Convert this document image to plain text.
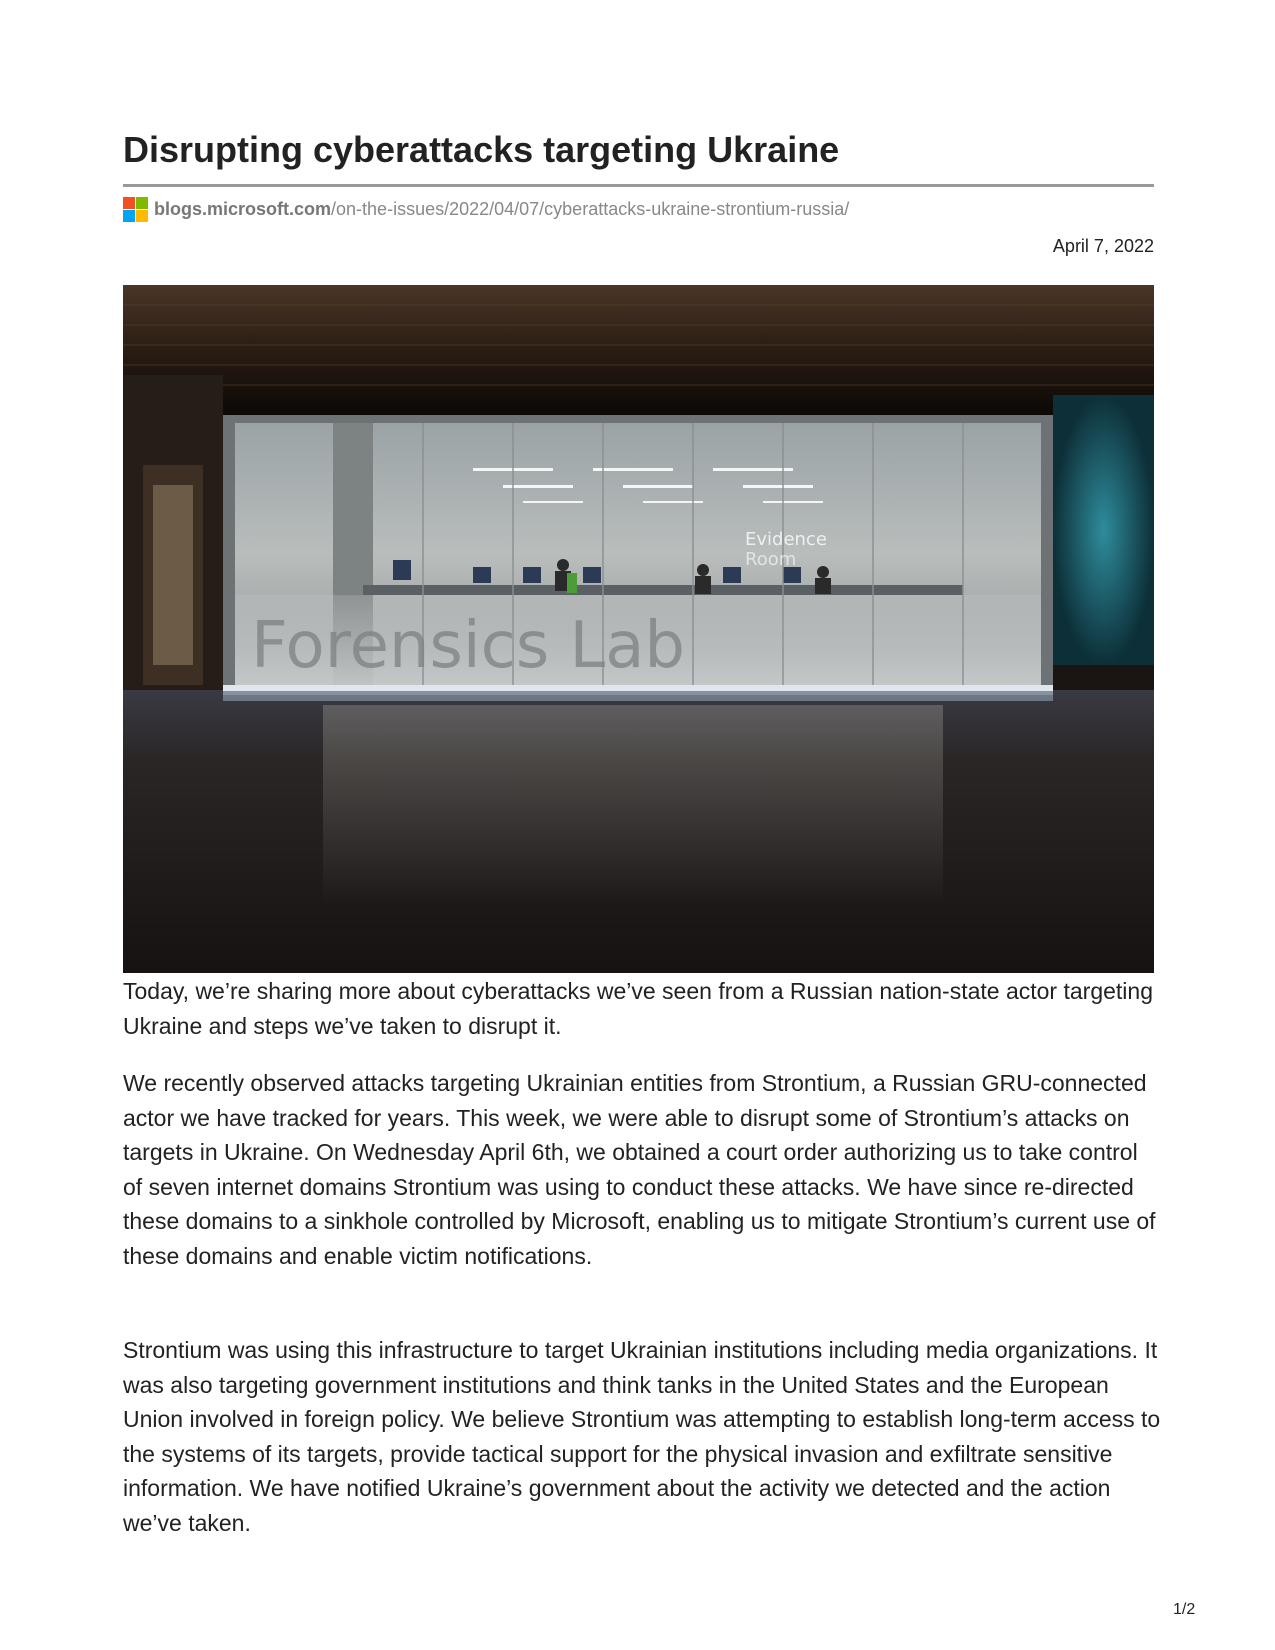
Disrupting cyberattacks targeting Ukraine
blogs.microsoft.com /on-the-issues/2022/04/07/cyberattacks-ukraine-strontium-russia/
April 7, 2022
Forensics Lab
Evidence
Room

Today, we’re sharing more about cyberattacks we’ve seen from a Russian nation-state actor targeting Ukraine and steps we’ve taken to disrupt it.

We recently observed attacks targeting Ukrainian entities from Strontium, a Russian GRU-connected actor we have tracked for years. This week, we were able to disrupt some of Strontium’s attacks on targets in Ukraine. On Wednesday April 6th, we obtained a court order authorizing us to take control of seven internet domains Strontium was using to conduct these attacks. We have since re-directed these domains to a sinkhole controlled by Microsoft, enabling us to mitigate Strontium’s current use of these domains and enable victim notifications.

Strontium was using this infrastructure to target Ukrainian institutions including media organizations. It was also targeting government institutions and think tanks in the United States and the European Union involved in foreign policy. We believe Strontium was attempting to establish long-term access to the systems of its targets, provide tactical support for the physical invasion and exfiltrate sensitive information. We have notified Ukraine’s government about the activity we detected and the action we’ve taken.

1/2
